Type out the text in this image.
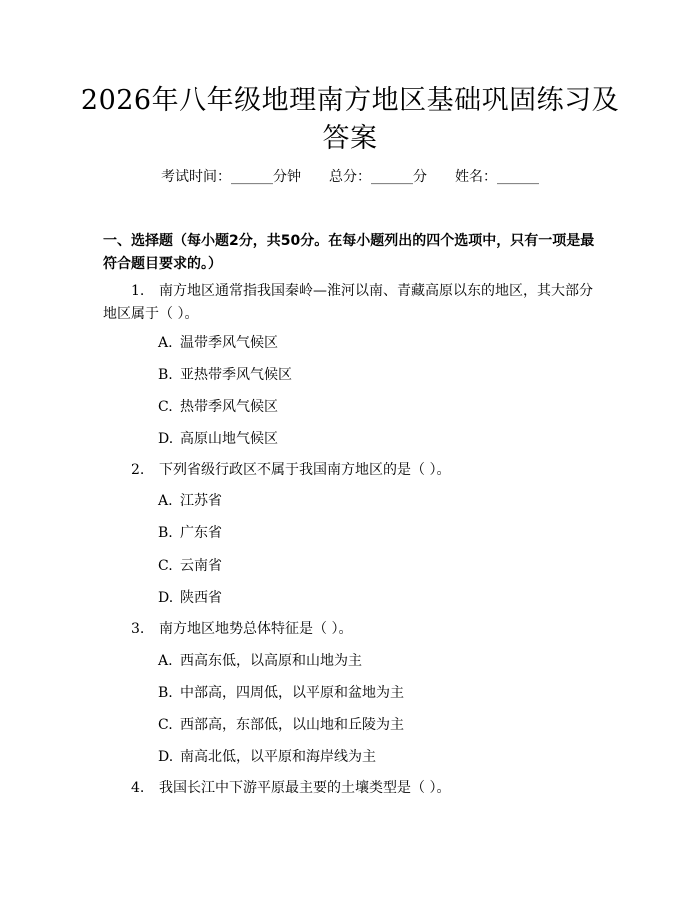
2026年八年级地理南方地区基础巩固练习及
答案
考试时间：______分钟 总分：______分 姓名：______
一、选择题（每小题2分，共50分。在每小题列出的四个选项中，只有一项是最符合题目要求的。）
1. 南方地区通常指我国秦岭—淮河以南、青藏高原以东的地区，其大部分地区属于（ ）。
A. 温带季风气候区
B. 亚热带季风气候区
C. 热带季风气候区
D. 高原山地气候区
2. 下列省级行政区不属于我国南方地区的是（ ）。
A. 江苏省
B. 广东省
C. 云南省
D. 陕西省
3. 南方地区地势总体特征是（ ）。
A. 西高东低，以高原和山地为主
B. 中部高，四周低，以平原和盆地为主
C. 西部高，东部低，以山地和丘陵为主
D. 南高北低，以平原和海岸线为主
4. 我国长江中下游平原最主要的土壤类型是（ ）。
